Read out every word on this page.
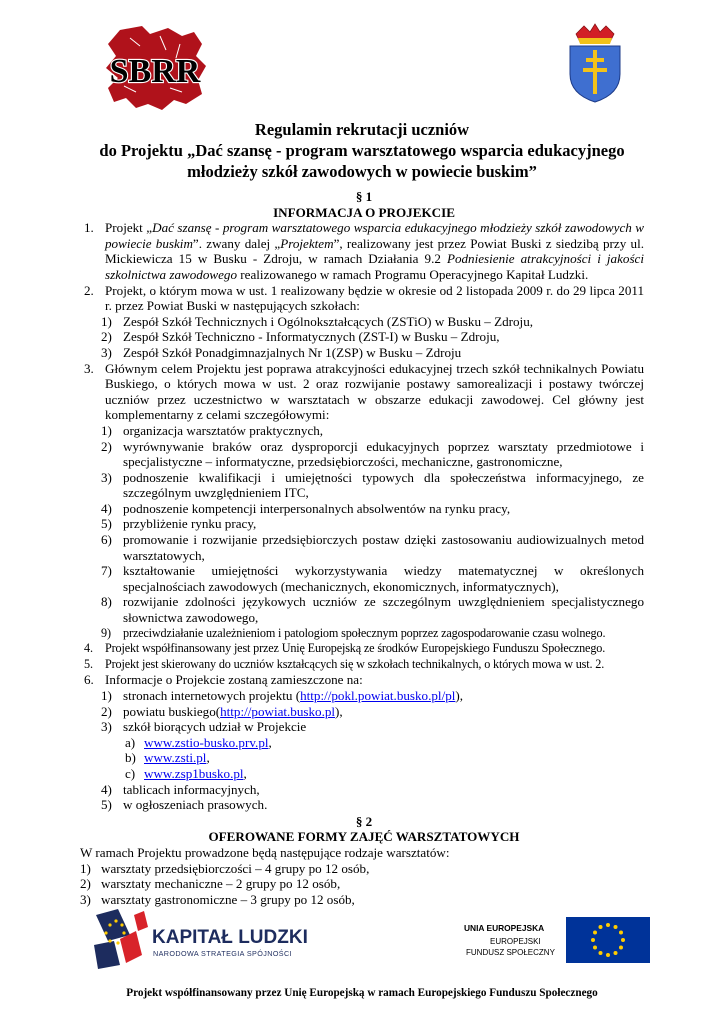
SBRR
Regulamin rekrutacji uczniów
do Projektu „Dać szansę - program warsztatowego wsparcia edukacyjnego
młodzieży szkół zawodowych w powiecie buskim”
§ 1
INFORMACJA O PROJEKCIE
1. Projekt „Dać szansę - program warsztatowego wsparcia edukacyjnego młodzieży szkół zawodowych w powiecie buskim”. zwany dalej „Projektem”, realizowany jest przez Powiat Buski z siedzibą przy ul. Mickiewicza 15 w Busku - Zdroju, w ramach Działania 9.2 Podniesienie atrakcyjności i jakości szkolnictwa zawodowego realizowanego w ramach Programu Operacyjnego Kapitał Ludzki.
2. Projekt, o którym mowa w ust. 1 realizowany będzie w okresie od 2 listopada 2009 r. do 29 lipca 2011 r. przez Powiat Buski w następujących szkołach:
1) Zespół Szkół Technicznych i Ogólnokształcących (ZSTiO) w Busku – Zdroju,
2) Zespół Szkół Techniczno - Informatycznych (ZST-I) w Busku – Zdroju,
3) Zespół Szkół Ponadgimnazjalnych Nr 1(ZSP) w Busku – Zdroju
3. Głównym celem Projektu jest poprawa atrakcyjności edukacyjnej trzech szkół technikalnych Powiatu Buskiego, o których mowa w ust. 2 oraz rozwijanie postawy samorealizacji i postawy twórczej uczniów przez uczestnictwo w warsztatach w obszarze edukacji zawodowej. Cel główny jest komplementarny z celami szczegółowymi:
1) organizacja warsztatów praktycznych,
2) wyrównywanie braków oraz dysproporcji edukacyjnych poprzez warsztaty przedmiotowe i specjalistyczne – informatyczne, przedsiębiorczości, mechaniczne, gastronomiczne,
3) podnoszenie kwalifikacji i umiejętności typowych dla społeczeństwa informacyjnego, ze szczególnym uwzględnieniem ITC,
4) podnoszenie kompetencji interpersonalnych absolwentów na rynku pracy,
5) przybliżenie rynku pracy,
6) promowanie i rozwijanie przedsiębiorczych postaw dzięki zastosowaniu audiowizualnych metod warsztatowych,
7) kształtowanie umiejętności wykorzystywania wiedzy matematycznej w określonych specjalnościach zawodowych (mechanicznych, ekonomicznych, informatycznych),
8) rozwijanie zdolności językowych uczniów ze szczególnym uwzględnieniem specjalistycznego słownictwa zawodowego,
9) przeciwdziałanie uzależnieniom i patologiom społecznym poprzez zagospodarowanie czasu wolnego.
4. Projekt współfinansowany jest przez Unię Europejską ze środków Europejskiego Funduszu Społecznego.
5. Projekt jest skierowany do uczniów kształcących się w szkołach technikalnych, o których mowa w ust. 2.
6. Informacje o Projekcie zostaną zamieszczone na:
1) stronach internetowych projektu (http://pokl.powiat.busko.pl/pl),
2) powiatu buskiego(http://powiat.busko.pl),
3) szkół biorących udział w Projekcie
a) www.zstio-busko.prv.pl,
b) www.zsti.pl,
c) www.zsp1busko.pl,
4) tablicach informacyjnych,
5) w ogłoszeniach prasowych.
§ 2
OFEROWANE FORMY ZAJĘĆ WARSZTATOWYCH
W ramach Projektu prowadzone będą następujące rodzaje warsztatów:
1) warsztaty przedsiębiorczości – 4 grupy po 12 osób,
2) warsztaty mechaniczne – 2 grupy po 12 osób,
3) warsztaty gastronomiczne – 3 grupy po 12 osób,
KAPITAŁ LUDZKI
NARODOWA STRATEGIA SPÓJNOŚCI
UNIA EUROPEJSKA
EUROPEJSKI
FUNDUSZ SPOŁECZNY
Projekt współfinansowany przez Unię Europejską w ramach Europejskiego Funduszu Społecznego
